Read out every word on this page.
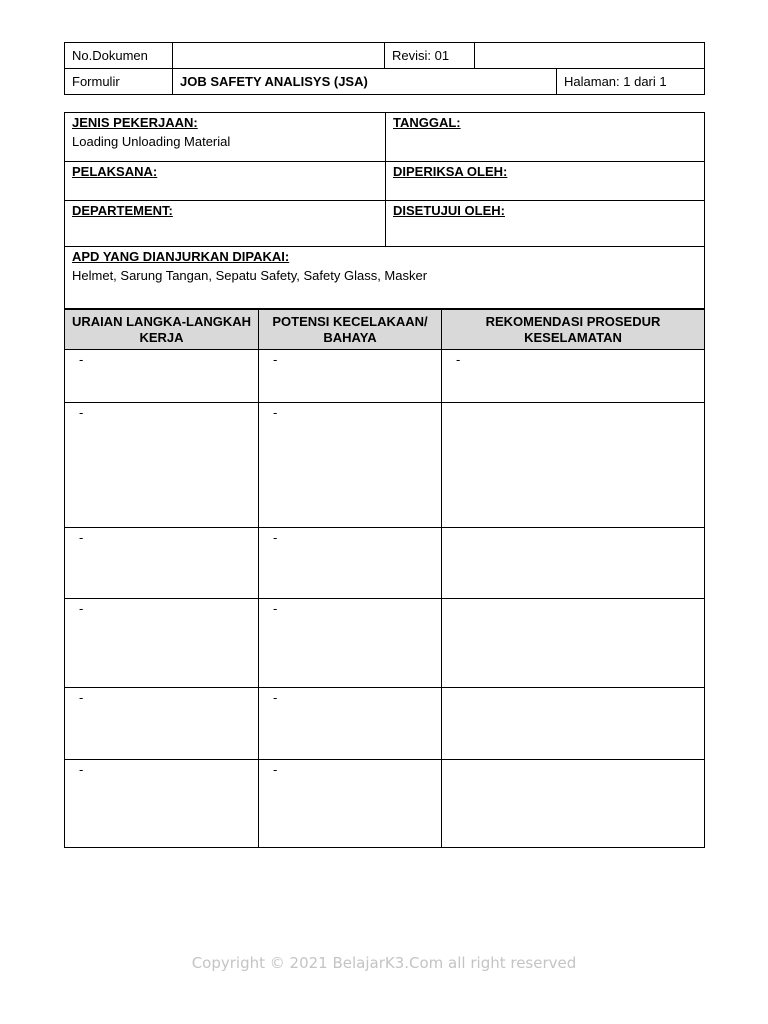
No.Dokumen		Revisi: 01		
Formulir	JOB SAFETY ANALISYS (JSA)			Halaman: 1 dari 1
JENIS PEKERJAAN:
Loading Unloading Material	TANGGAL:

PELAKSANA:	DIPERIKSA OLEH:

DEPARTEMENT:	DISETUJUI OLEH:

APD YANG DIANJURKAN DIPAKAI:
Helmet, Sarung Tangan, Sepatu Safety, Safety Glass, Masker	
URAIAN LANGKA-LANGKAH KERJA	POTENSI KECELAKAAN/ BAHAYA	REKOMENDASI PROSEDUR KESELAMATAN
-	-	-
-	-	
-	-	
-	-	
-	-	
-	-	
Copyright © 2021 BelajarK3.Com all right reserved
